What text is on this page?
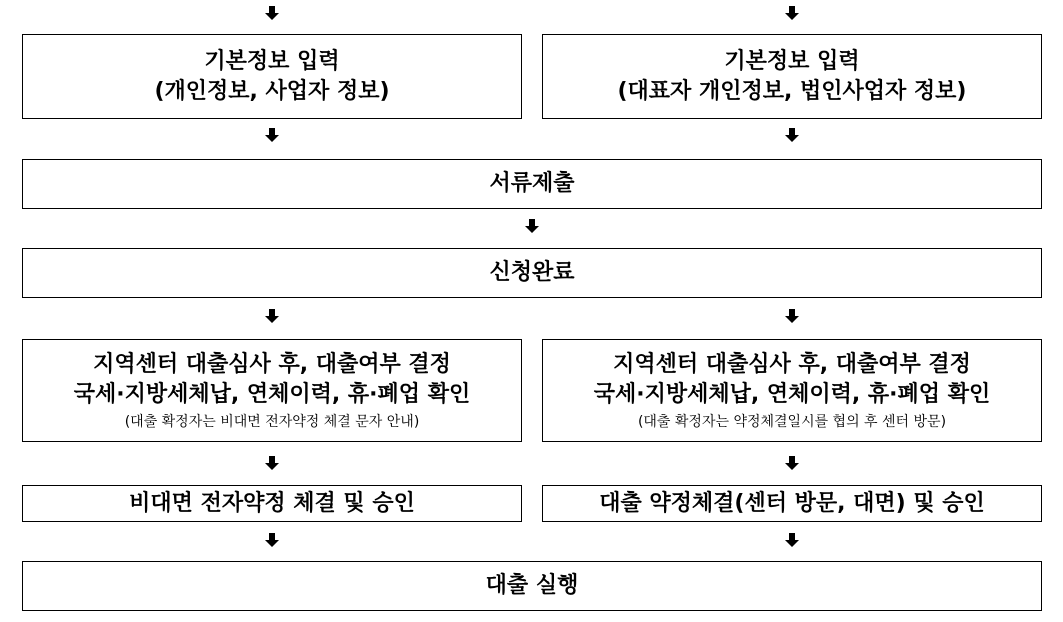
기본정보 입력
(개인정보, 사업자 정보)
기본정보 입력
(대표자 개인정보, 법인사업자 정보)
서류제출
신청완료
지역센터 대출심사 후, 대출여부 결정
국세·지방세체납, 연체이력, 휴·폐업 확인
(대출 확정자는 비대면 전자약정 체결 문자 안내)
지역센터 대출심사 후, 대출여부 결정
국세·지방세체납, 연체이력, 휴·폐업 확인
(대출 확정자는 약정체결일시를 협의 후 센터 방문)
비대면 전자약정 체결 및 승인	대출 약정체결(센터 방문, 대면) 및 승인
대출 실행
